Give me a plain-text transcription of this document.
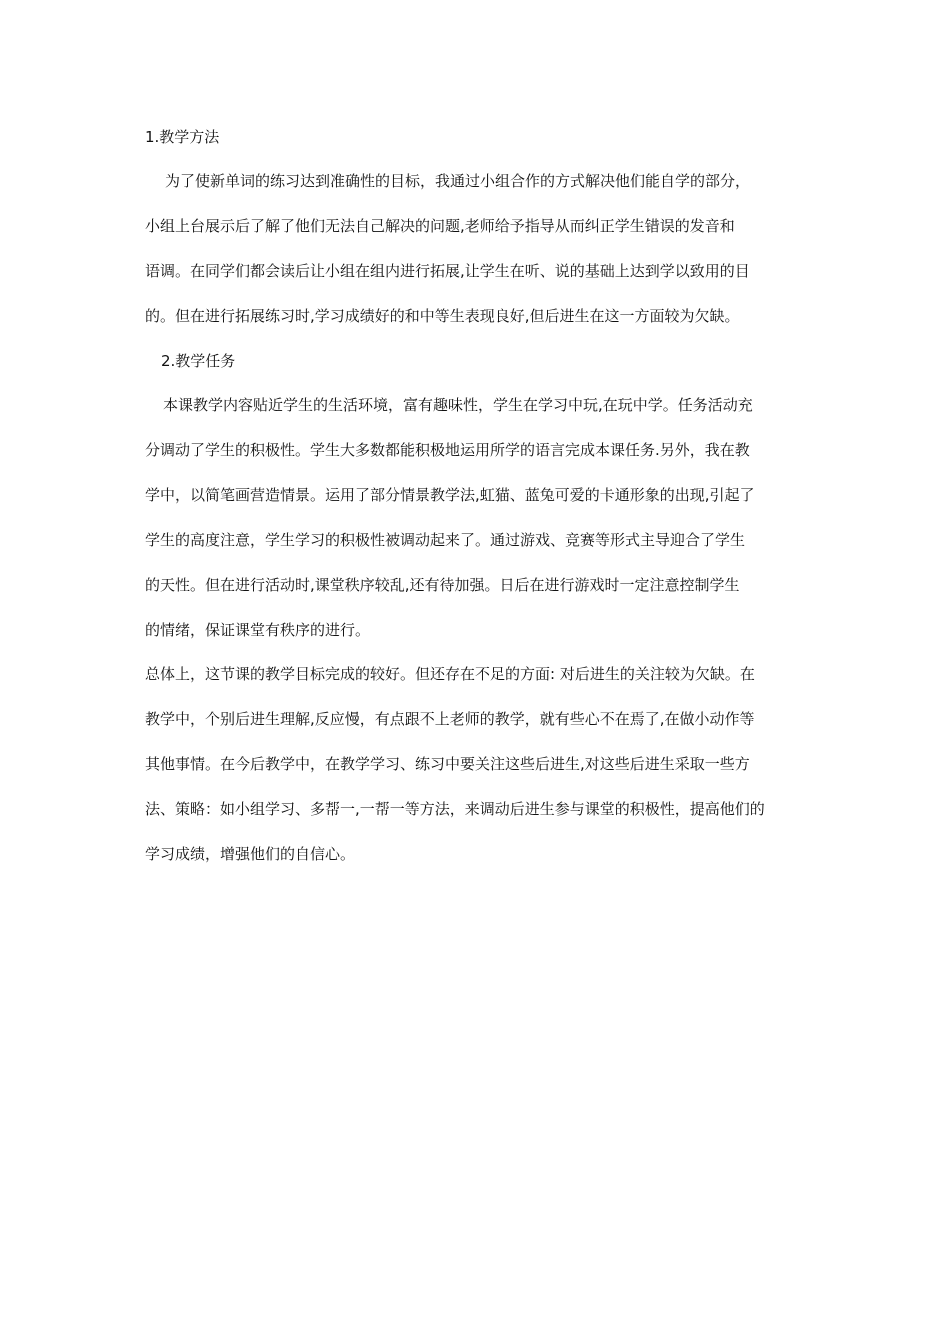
1.教学方法
为了使新单词的练习达到准确性的目标，我通过小组合作的方式解决他们能自学的部分，
小组上台展示后了解了他们无法自己解决的问题,老师给予指导从而纠正学生错误的发音和
语调。在同学们都会读后让小组在组内进行拓展,让学生在听、说的基础上达到学以致用的目
的。但在进行拓展练习时,学习成绩好的和中等生表现良好,但后进生在这一方面较为欠缺。
2.教学任务
本课教学内容贴近学生的生活环境，富有趣味性，学生在学习中玩,在玩中学。任务活动充
分调动了学生的积极性。学生大多数都能积极地运用所学的语言完成本课任务.另外，我在教
学中，以简笔画营造情景。运用了部分情景教学法,虹猫、蓝兔可爱的卡通形象的出现,引起了
学生的高度注意，学生学习的积极性被调动起来了。通过游戏、竞赛等形式主导迎合了学生
的天性。但在进行活动时,课堂秩序较乱,还有待加强。日后在进行游戏时一定注意控制学生
的情绪，保证课堂有秩序的进行。
总体上，这节课的教学目标完成的较好。但还存在不足的方面: 对后进生的关注较为欠缺。在
教学中，个别后进生理解,反应慢，有点跟不上老师的教学，就有些心不在焉了,在做小动作等
其他事情。在今后教学中，在教学学习、练习中要关注这些后进生,对这些后进生采取一些方
法、策略：如小组学习、多帮一,一帮一等方法，来调动后进生参与课堂的积极性，提高他们的
学习成绩，增强他们的自信心。
